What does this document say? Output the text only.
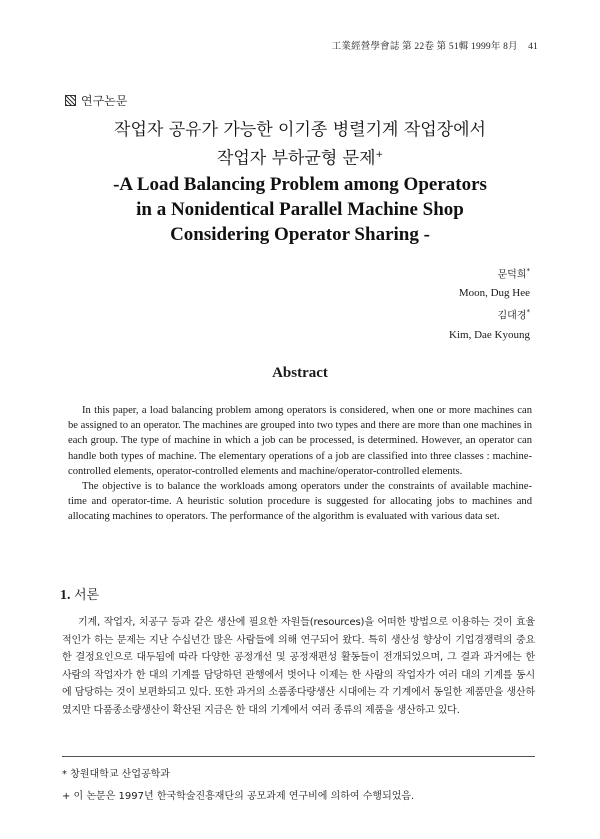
工業經營學會誌 第 22卷 第 51輯 1999年 8月 41
연구논문
작업자 공유가 가능한 이기종 병렬기계 작업장에서
작업자 부하균형 문제+
-A Load Balancing Problem among Operators
in a Nonidentical Parallel Machine Shop
Considering Operator Sharing -
문덕희*
Moon, Dug Hee
김대경*
Kim, Dae Kyoung
Abstract

In this paper, a load balancing problem among operators is considered, when one or more machines can be assigned to an operator. The machines are grouped into two types and there are more than one machines in each group. The type of machine in which a job can be processed, is determined. However, an operator can handle both types of machine. The elementary operations of a job are classified into three classes : machine-controlled elements, operator-controlled elements and machine/operator-controlled elements.

The objective is to balance the workloads among operators under the constraints of available machine-time and operator-time. A heuristic solution procedure is suggested for allocating jobs to machines and allocating machines to operators. The performance of the algorithm is evaluated with various data set.

1. 서론

기계, 작업자, 치공구 등과 같은 생산에 필요한 자원들(resources)을 어떠한 방법으로 이용하는 것이 효율적인가 하는 문제는 지난 수십년간 많은 사람들에 의해 연구되어 왔다. 특히 생산성 향상이 기업경쟁력의 중요한 결정요인으로 대두됨에 따라 다양한 공정개선 및 공정재편성 활동들이 전개되었으며, 그 결과 과거에는 한 사람의 작업자가 한 대의 기계를 담당하던 관행에서 벗어나 이제는 한 사람의 작업자가 여러 대의 기계를 동시에 담당하는 것이 보편화되고 있다. 또한 과거의 소품종다량생산 시대에는 각 기계에서 동일한 제품만을 생산하였지만 다품종소량생산이 확산된 지금은 한 대의 기계에서 여러 종류의 제품을 생산하고 있다.

* 창원대학교 산업공학과
+ 이 논문은 1997년 한국학술진흥재단의 공모과제 연구비에 의하여 수행되었음.
